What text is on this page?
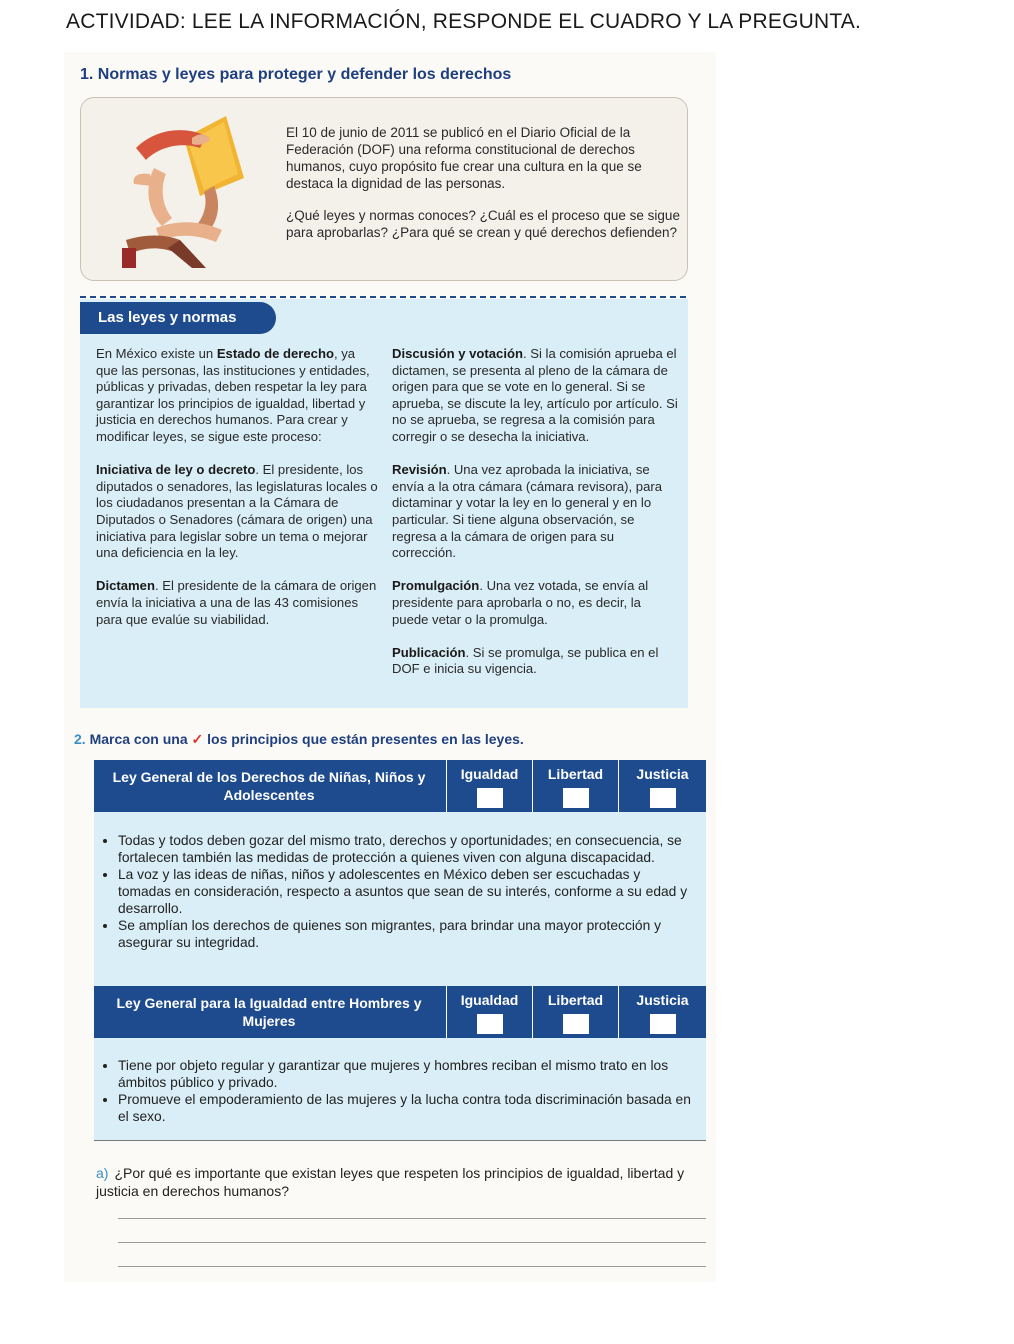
ACTIVIDAD: LEE LA INFORMACIÓN, RESPONDE EL CUADRO Y LA PREGUNTA.
1. Normas y leyes para proteger y defender los derechos
El 10 de junio de 2011 se publicó en el Diario Oficial de la Federación (DOF) una reforma constitucional de derechos humanos, cuyo propósito fue crear una cultura en la que se destaca la dignidad de las personas.
¿Qué leyes y normas conoces? ¿Cuál es el proceso que se sigue para aprobarlas? ¿Para qué se crean y qué derechos defienden?
Las leyes y normas

En México existe un Estado de derecho, ya que las personas, las instituciones y entidades, públicas y privadas, deben respetar la ley para garantizar los principios de igualdad, libertad y justicia en derechos humanos. Para crear y modificar leyes, se sigue este proceso:

Iniciativa de ley o decreto. El presidente, los diputados o senadores, las legislaturas locales o los ciudadanos presentan a la Cámara de Diputados o Senadores (cámara de origen) una iniciativa para legislar sobre un tema o mejorar una deficiencia en la ley.

Dictamen. El presidente de la cámara de origen envía la iniciativa a una de las 43 comisiones para que evalúe su viabilidad.

Discusión y votación. Si la comisión aprueba el dictamen, se presenta al pleno de la cámara de origen para que se vote en lo general. Si se aprueba, se discute la ley, artículo por artículo. Si no se aprueba, se regresa a la comisión para corregir o se desecha la iniciativa.

Revisión. Una vez aprobada la iniciativa, se envía a la otra cámara (cámara revisora), para dictaminar y votar la ley en lo general y en lo particular. Si tiene alguna observación, se regresa a la cámara de origen para su corrección.

Promulgación. Una vez votada, se envía al presidente para aprobarla o no, es decir, la puede vetar o la promulga.

Publicación. Si se promulga, se publica en el DOF e inicia su vigencia.

2. Marca con una ✓ los principios que están presentes en las leyes.
Ley General de los Derechos de Niñas, Niños y Adolescentes
Igualdad	Libertad	Justicia
• Todas y todos deben gozar del mismo trato, derechos y oportunidades; en consecuencia, se fortalecen también las medidas de protección a quienes viven con alguna discapacidad.
• La voz y las ideas de niñas, niños y adolescentes en México deben ser escuchadas y tomadas en consideración, respecto a asuntos que sean de su interés, conforme a su edad y desarrollo.
• Se amplían los derechos de quienes son migrantes, para brindar una mayor protección y asegurar su integridad.
Ley General para la Igualdad entre Hombres y Mujeres
Igualdad	Libertad	Justicia
• Tiene por objeto regular y garantizar que mujeres y hombres reciban el mismo trato en los ámbitos público y privado.
• Promueve el empoderamiento de las mujeres y la lucha contra toda discriminación basada en el sexo.
a) ¿Por qué es importante que existan leyes que respeten los principios de igualdad, libertad y justicia en derechos humanos?
